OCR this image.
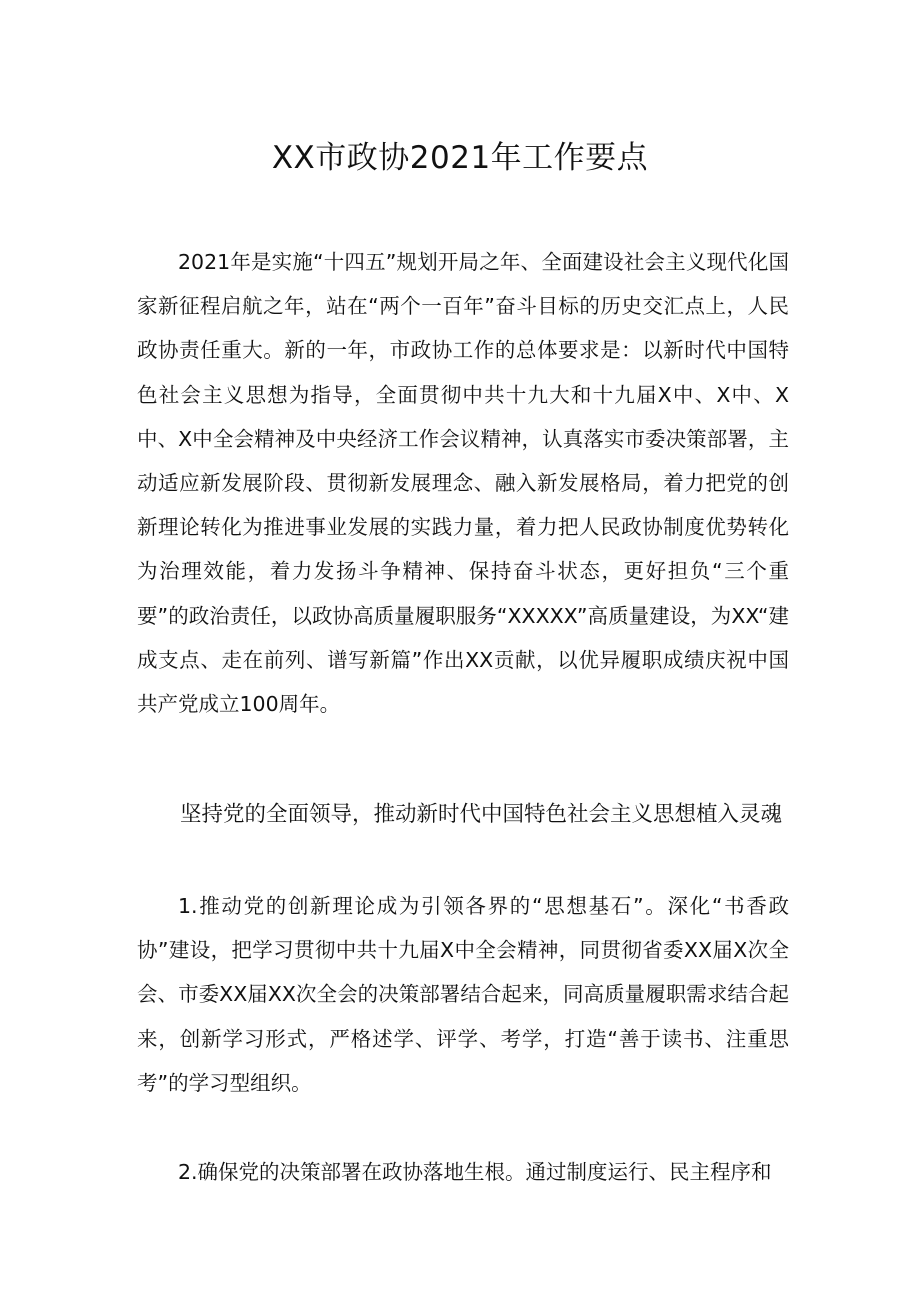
XX市政协2021年工作要点

2021年是实施“十四五”规划开局之年、全面建设社会主义现代化国家新征程启航之年，站在“两个一百年”奋斗目标的历史交汇点上，人民政协责任重大。新的一年，市政协工作的总体要求是：以新时代中国特色社会主义思想为指导，全面贯彻中共十九大和十九届X中、X中、X中、X中全会精神及中央经济工作会议精神，认真落实市委决策部署，主动适应新发展阶段、贯彻新发展理念、融入新发展格局，着力把党的创新理论转化为推进事业发展的实践力量，着力把人民政协制度优势转化为治理效能，着力发扬斗争精神、保持奋斗状态，更好担负“三个重要”的政治责任，以政协高质量履职服务“XXXXX”高质量建设，为XX“建成支点、走在前列、谱写新篇”作出XX贡献，以优异履职成绩庆祝中国共产党成立100周年。

坚持党的全面领导，推动新时代中国特色社会主义思想植入灵魂

1.推动党的创新理论成为引领各界的“思想基石”。深化“书香政协”建设，把学习贯彻中共十九届X中全会精神，同贯彻省委XX届X次全会、市委XX届XX次全会的决策部署结合起来，同高质量履职需求结合起来，创新学习形式，严格述学、评学、考学，打造“善于读书、注重思考”的学习型组织。

2.确保党的决策部署在政协落地生根。通过制度运行、民主程序和
